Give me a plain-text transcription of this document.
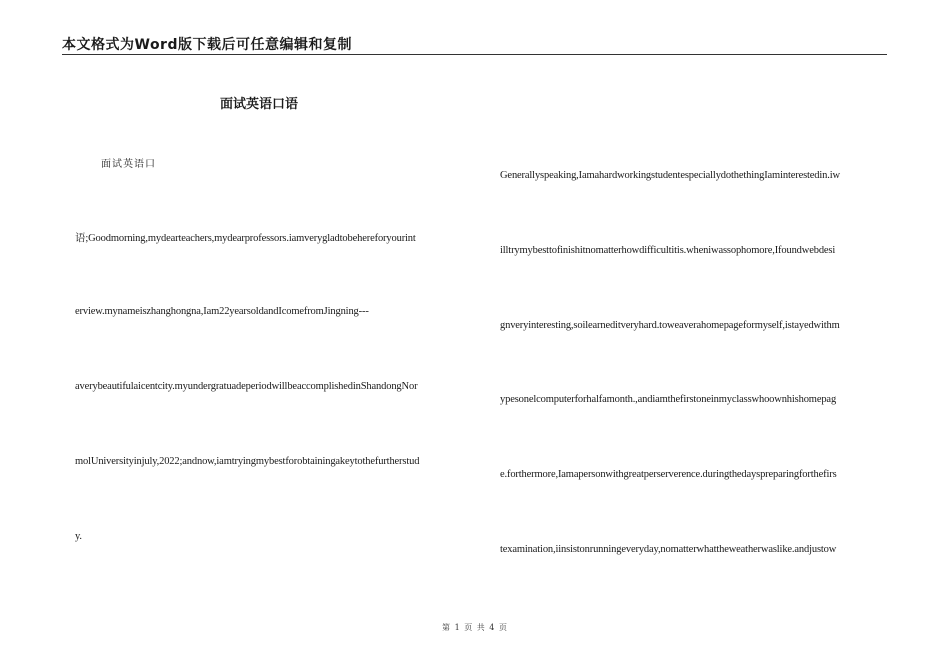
本文格式为Word版下载后可任意编辑和复制
面试英语口语
面试英语口
语;Goodmorning,mydearteachers,mydearprofessors.iamverygladtobehereforyourint
erview.mynameiszhanghongna,Iam22yearsoldandIcomefromJingning---
averybeautifulaicentcity.myundergratuadeperiodwillbeaccomplishedinShandongNor
molUniversityinjuly,2022;andnow,iamtryingmybestforobtainingakeytothefurtherstud
y.
Generallyspeaking,IamahardworkingstudentespeciallydothethingIaminterestedin.iw
illtrymybesttofinishitnomatterhowdifficultitis.wheniwassophomore,Ifoundwebdesi
gnveryinteresting,soilearneditveryhard.toweaverahomepageformyself,istayedwithm
ypesonelcomputerforhalfamonth.,andiamthefirstoneinmyclasswhoownhishomepag
e.forthermore,Iamapersonwithgreatperserverence.duringthedayspreparingforthefirs
texamination,iinsistonrunningeveryday,nomatterwhattheweatherwaslike.andjustow
第 1 页 共 4 页
